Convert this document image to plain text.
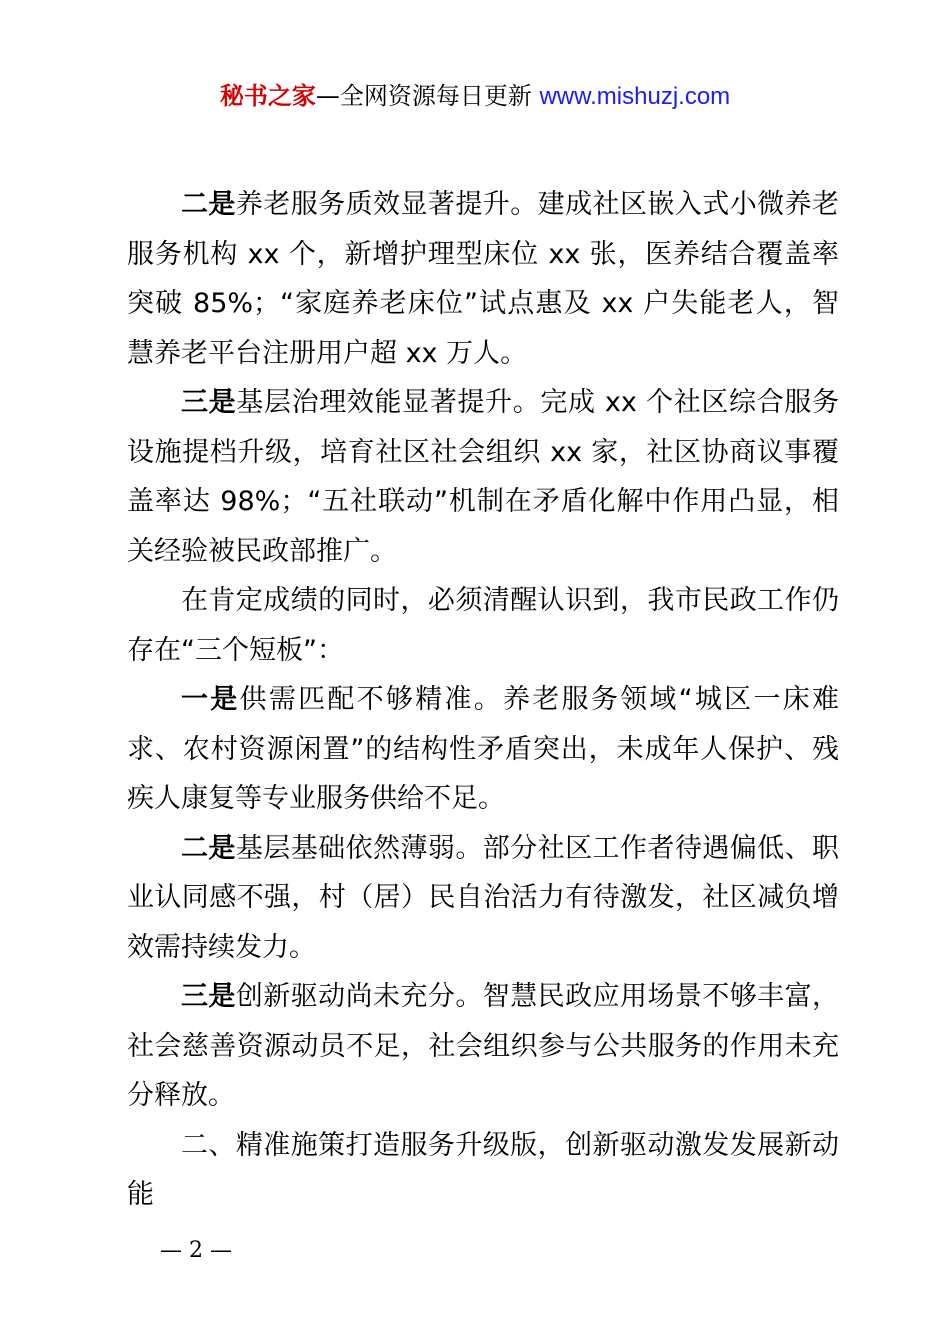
秘书之家—全网资源每日更新 www.mishuzj.com

二是养老服务质效显著提升。建成社区嵌入式小微养老服务机构 xx 个，新增护理型床位 xx 张，医养结合覆盖率突破 85%；“家庭养老床位”试点惠及 xx 户失能老人，智慧养老平台注册用户超 xx 万人。

三是基层治理效能显著提升。完成 xx 个社区综合服务设施提档升级，培育社区社会组织 xx 家，社区协商议事覆盖率达 98%；“五社联动”机制在矛盾化解中作用凸显，相关经验被民政部推广。

在肯定成绩的同时，必须清醒认识到，我市民政工作仍存在“三个短板”：

一是供需匹配不够精准。养老服务领域“城区一床难求、农村资源闲置”的结构性矛盾突出，未成年人保护、残疾人康复等专业服务供给不足。

二是基层基础依然薄弱。部分社区工作者待遇偏低、职业认同感不强，村（居）民自治活力有待激发，社区减负增效需持续发力。

三是创新驱动尚未充分。智慧民政应用场景不够丰富，社会慈善资源动员不足，社会组织参与公共服务的作用未充分释放。

二、精准施策打造服务升级版，创新驱动激发发展新动能

— 2 —
